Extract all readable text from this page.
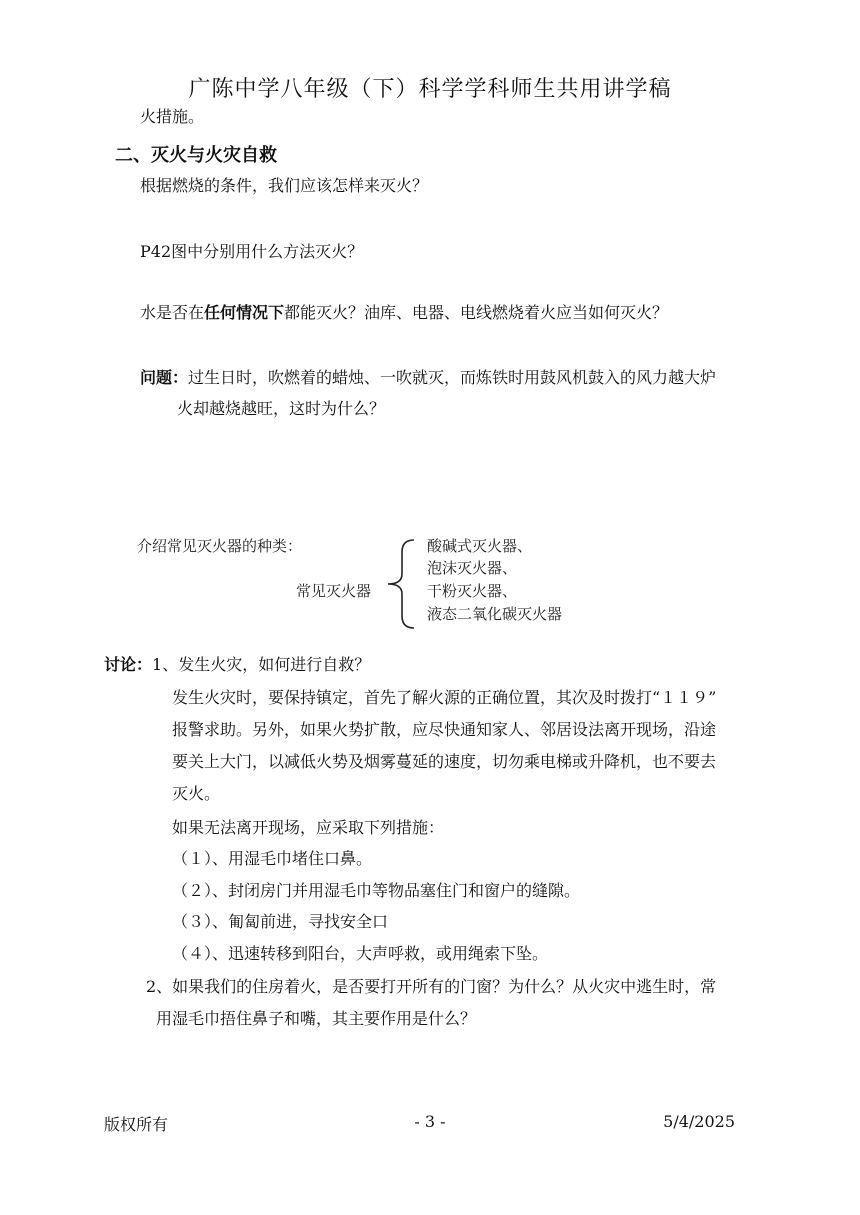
广陈中学八年级（下）科学学科师生共用讲学稿
火措施。
二、灭火与火灾自救
根据燃烧的条件，我们应该怎样来灭火？
P42图中分别用什么方法灭火？
水是否在任何情况下都能灭火？油库、电器、电线燃烧着火应当如何灭火？
问题：过生日时，吹燃着的蜡烛、一吹就灭，而炼铁时用鼓风机鼓入的风力越大炉
火却越烧越旺，这时为什么？
介绍常见灭火器的种类：
常见灭火器
酸碱式灭火器、
泡沫灭火器、
干粉灭火器、
液态二氧化碳灭火器
讨论：1、发生火灾，如何进行自救？
发生火灾时，要保持镇定，首先了解火源的正确位置，其次及时拨打“１１９”
报警求助。另外，如果火势扩散，应尽快通知家人、邻居设法离开现场，沿途
要关上大门，以减低火势及烟雾蔓延的速度，切勿乘电梯或升降机，也不要去
灭火。
如果无法离开现场，应采取下列措施：
（１）、用湿毛巾堵住口鼻。
（２）、封闭房门并用湿毛巾等物品塞住门和窗户的缝隙。
（３）、匍匐前进，寻找安全口
（４）、迅速转移到阳台，大声呼救，或用绳索下坠。
2、如果我们的住房着火，是否要打开所有的门窗？为什么？从火灾中逃生时，常
用湿毛巾捂住鼻子和嘴，其主要作用是什么？
版权所有	- 3 -	5/4/2025
